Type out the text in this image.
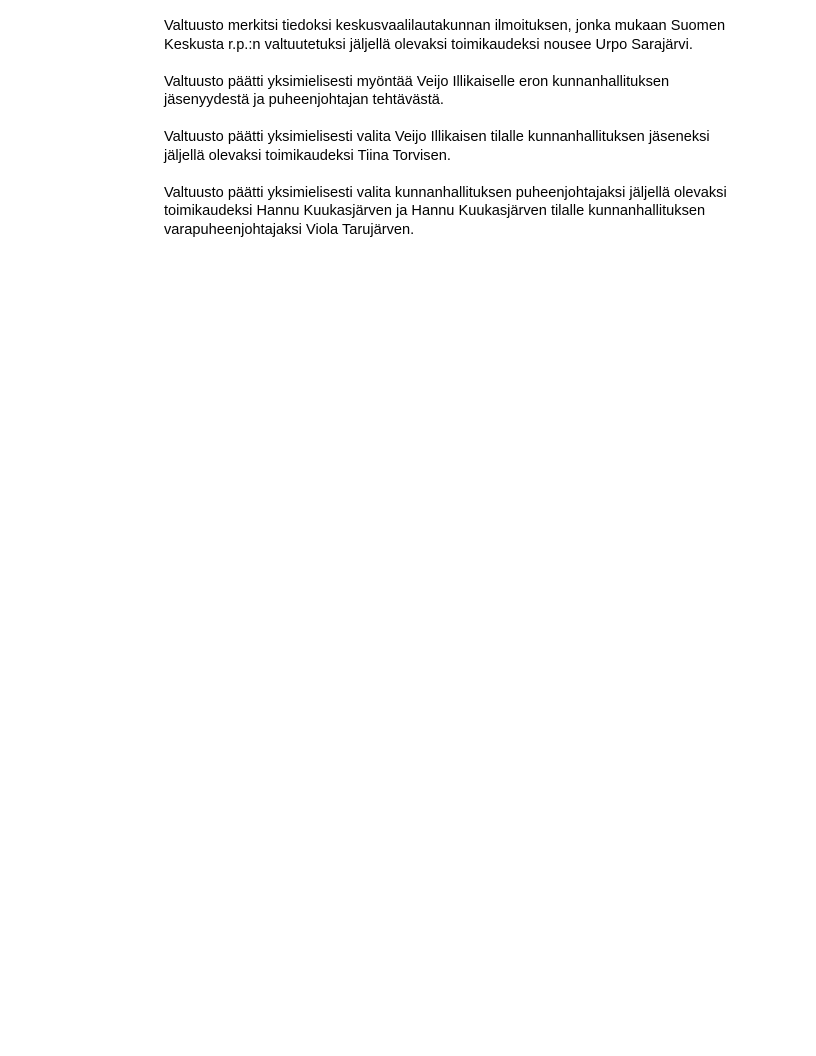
Valtuusto merkitsi tiedoksi keskusvaalilautakunnan ilmoituksen, jonka mukaan Suomen Keskusta r.p.:n valtuutetuksi jäljellä olevaksi toimikaudeksi nousee Urpo Sarajärvi.

Valtuusto päätti yksimielisesti myöntää Veijo Illikaiselle eron kunnanhallituksen jäsenyydestä ja puheenjohtajan tehtävästä.

Valtuusto päätti yksimielisesti valita Veijo Illikaisen tilalle kunnanhallituksen jäseneksi jäljellä olevaksi toimikaudeksi Tiina Torvisen.

Valtuusto päätti yksimielisesti valita kunnanhallituksen puheenjohtajaksi jäljellä olevaksi toimikaudeksi Hannu Kuukasjärven ja Hannu Kuukasjärven tilalle kunnanhallituksen varapuheenjohtajaksi Viola Tarujärven.
